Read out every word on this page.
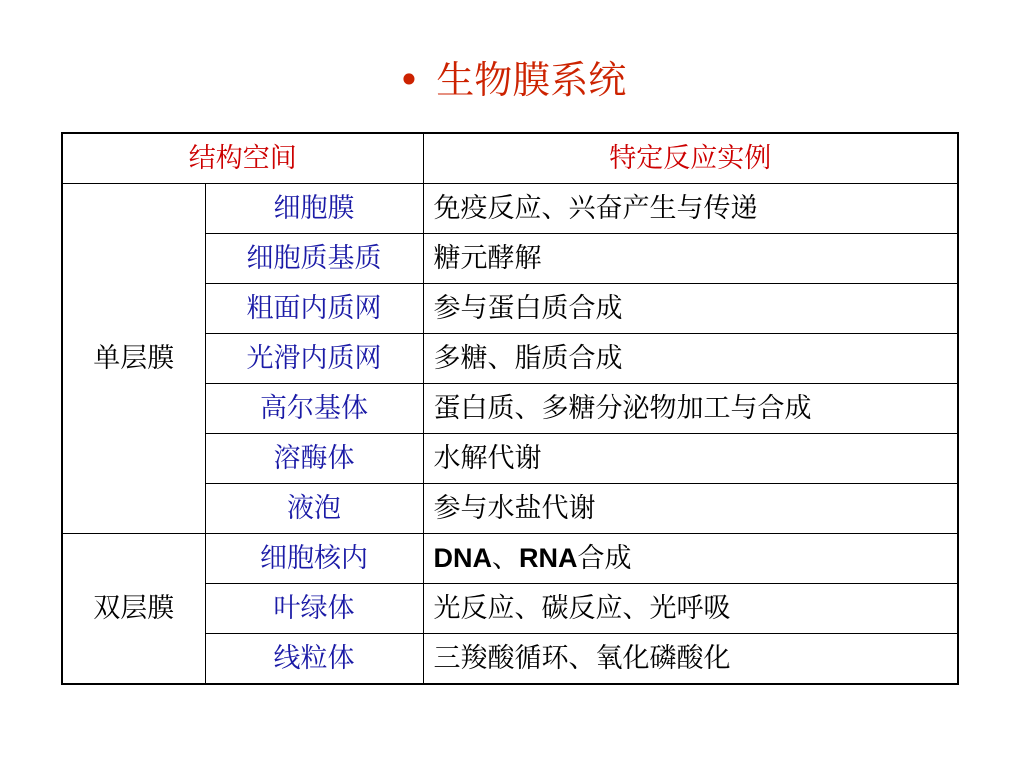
• 生物膜系统
结构空间		特定反应实例
单层膜	细胞膜	免疫反应、兴奋产生与传递
	细胞质基质	糖元酵解
	粗面内质网	参与蛋白质合成
	光滑内质网	多糖、脂质合成
	高尔基体	蛋白质、多糖分泌物加工与合成
	溶酶体	水解代谢
	液泡	参与水盐代谢
双层膜	细胞核内	DNA、RNA合成
	叶绿体	光反应、碳反应、光呼吸
	线粒体	三羧酸循环、氧化磷酸化
